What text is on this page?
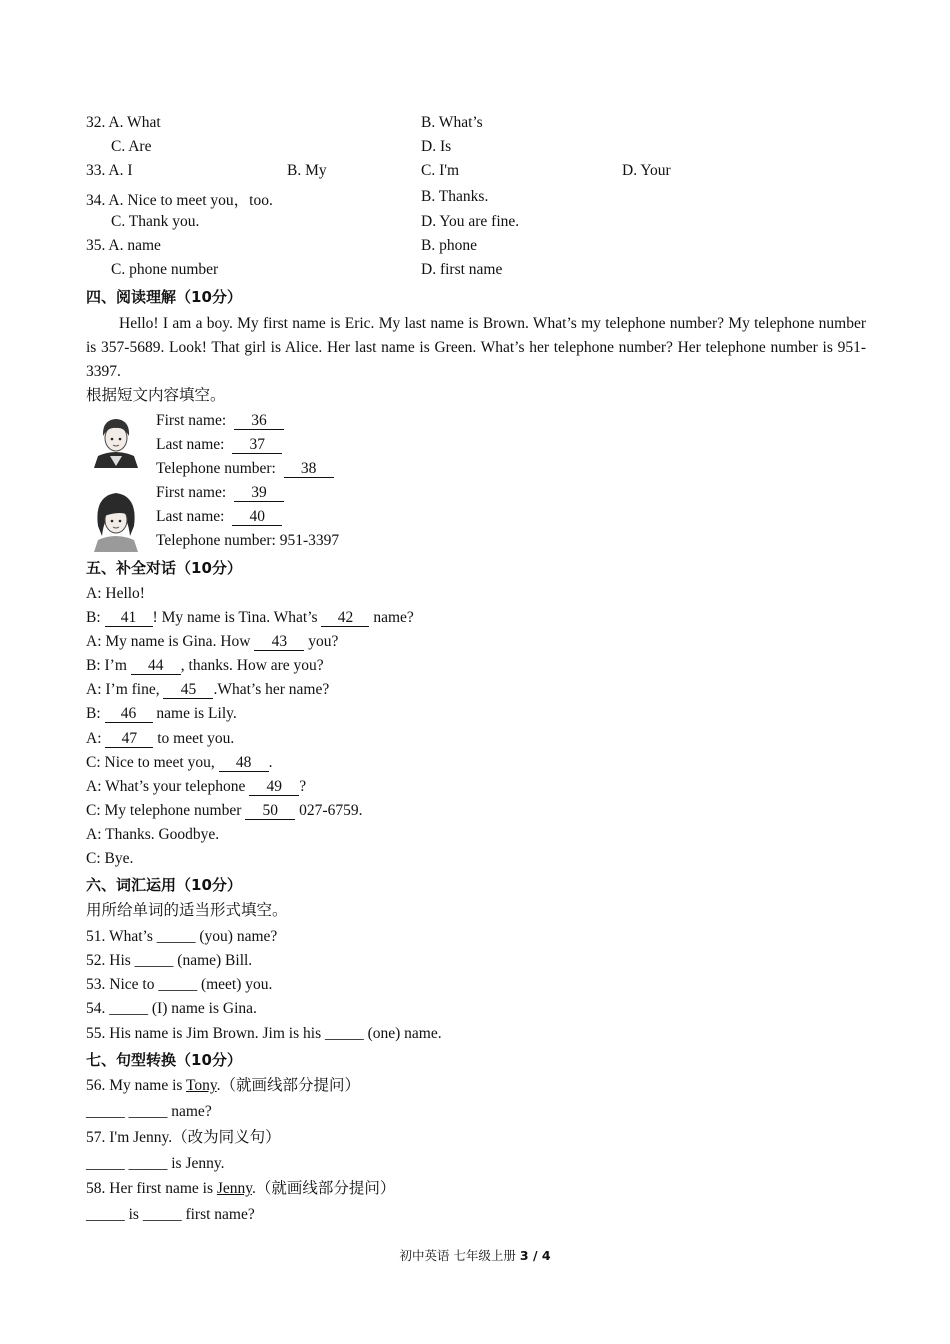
32. A. What	B. What’s
C. Are	D. Is
33. A. I	B. My	C. I'm	D. Your
34. A. Nice to meet you，too.	B. Thanks.
C. Thank you.	D. You are fine.
35. A. name	B. phone
C. phone number	D. first name
四、阅读理解（10分）

Hello! I am a boy. My first name is Eric. My last name is Brown. What’s my telephone number? My telephone number is 357-5689. Look! That girl is Alice. Her last name is Green. What’s her telephone number? Her telephone number is 951-3397.

根据短文内容填空。
First name: 36
Last name: 37
Telephone number: 38
First name: 39
Last name: 40
Telephone number: 951-3397
五、补全对话（10分）
A: Hello!
B: 41 ! My name is Tina. What’s 42 name?
A: My name is Gina. How 43 you?
B: I’m 44 , thanks. How are you?
A: I’m fine, 45 .What’s her name?
B: 46 name is Lily.
A: 47 to meet you.
C: Nice to meet you, 48 .
A: What’s your telephone 49 ?
C: My telephone number 50 027-6759.
A: Thanks. Goodbye.
C: Bye.
六、词汇运用（10分）
用所给单词的适当形式填空。
51. What’s _____ (you) name?
52. His _____ (name) Bill.
53. Nice to _____ (meet) you.
54. _____ (I) name is Gina.
55. His name is Jim Brown. Jim is his _____ (one) name.
七、句型转换（10分）
56. My name is Tony.（就画线部分提问）
_____ _____ name?
57. I'm Jenny.（改为同义句）
_____ _____ is Jenny.
58. Her first name is Jenny.（就画线部分提问）
_____ is _____ first name?
初中英语 七年级上册 3 / 4
